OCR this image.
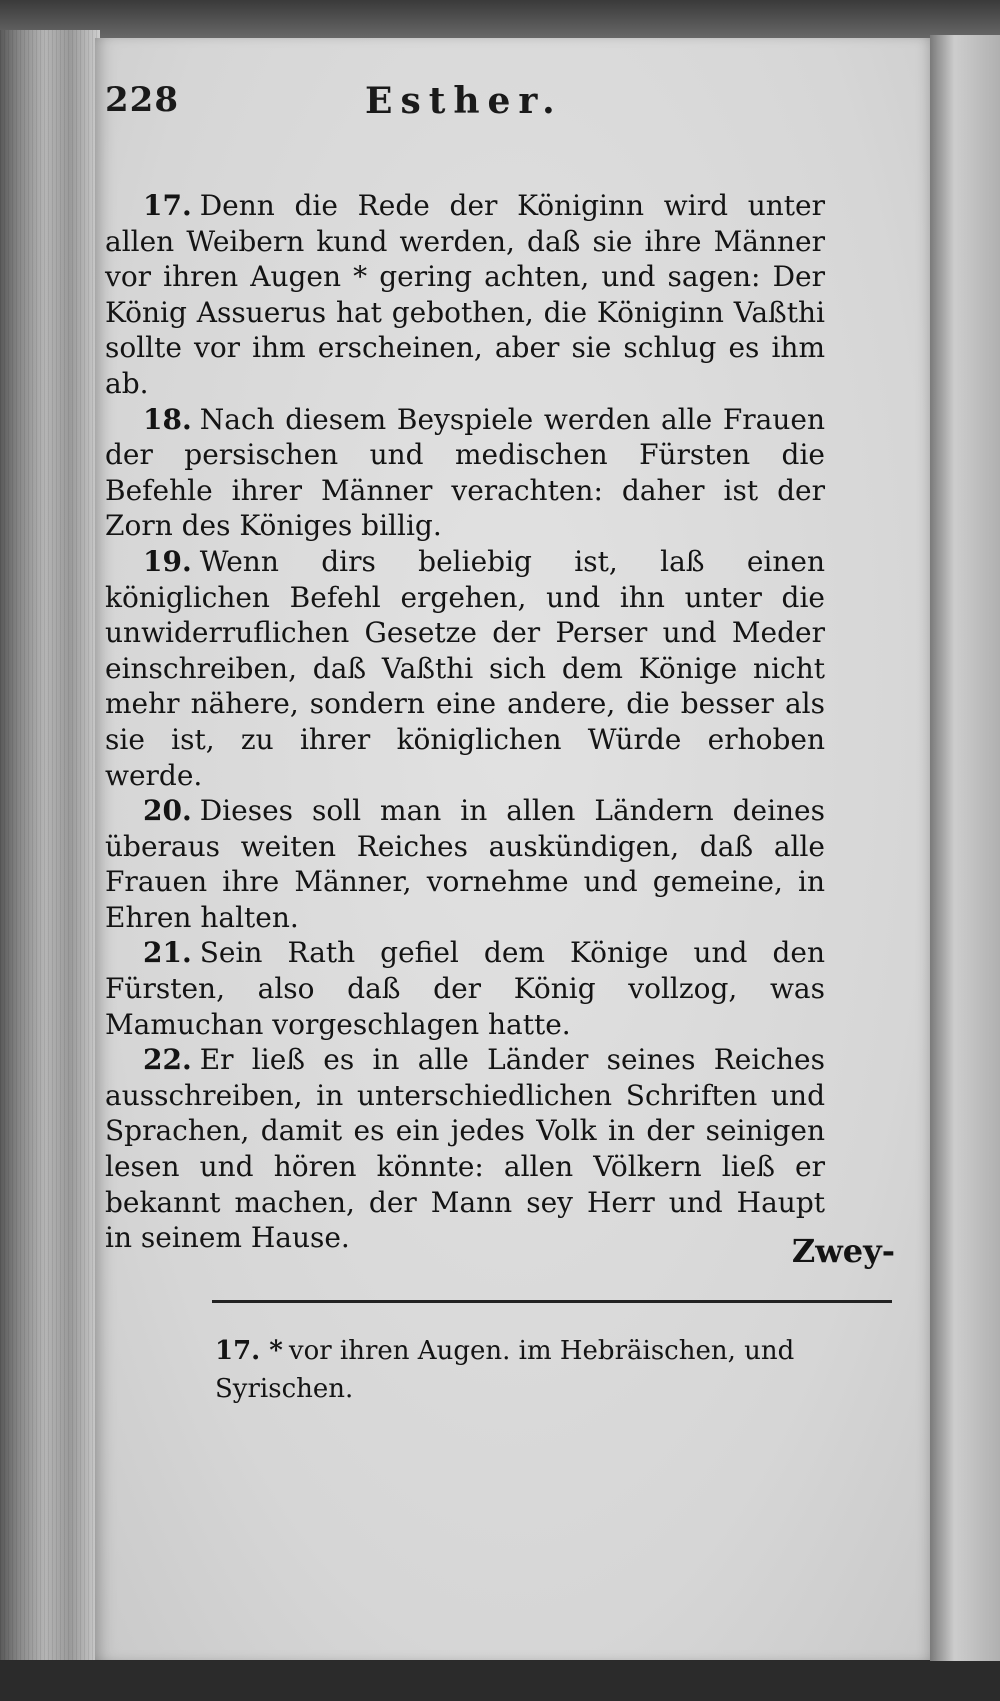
228	Esther.

17. Denn die Rede der Königinn wird unter allen Weibern kund werden, daß sie ihre Männer vor ihren Augen * gering achten, und sagen: Der König Assuerus hat gebothen, die Königinn Vaßthi sollte vor ihm erscheinen, aber sie schlug es ihm ab.

18. Nach diesem Beyspiele werden alle Frauen der persischen und medischen Fürsten die Befehle ihrer Männer verachten: daher ist der Zorn des Königes billig.

19. Wenn dirs beliebig ist, laß einen königlichen Befehl ergehen, und ihn unter die unwiderruflichen Gesetze der Perser und Meder einschreiben, daß Vaßthi sich dem Könige nicht mehr nähere, sondern eine andere, die besser als sie ist, zu ihrer königlichen Würde erhoben werde.

20. Dieses soll man in allen Ländern deines überaus weiten Reiches auskündigen, daß alle Frauen ihre Männer, vornehme und gemeine, in Ehren halten.

21. Sein Rath gefiel dem Könige und den Fürsten, also daß der König vollzog, was Mamuchan vorgeschlagen hatte.

22. Er ließ es in alle Länder seines Reiches ausschreiben, in unterschiedlichen Schriften und Sprachen, damit es ein jedes Volk in der seinigen lesen und hören könnte: allen Völkern ließ er bekannt machen, der Mann sey Herr und Haupt in seinem Hause.	Zwey-
17. * vor ihren Augen. im Hebräischen, und Syrischen.
